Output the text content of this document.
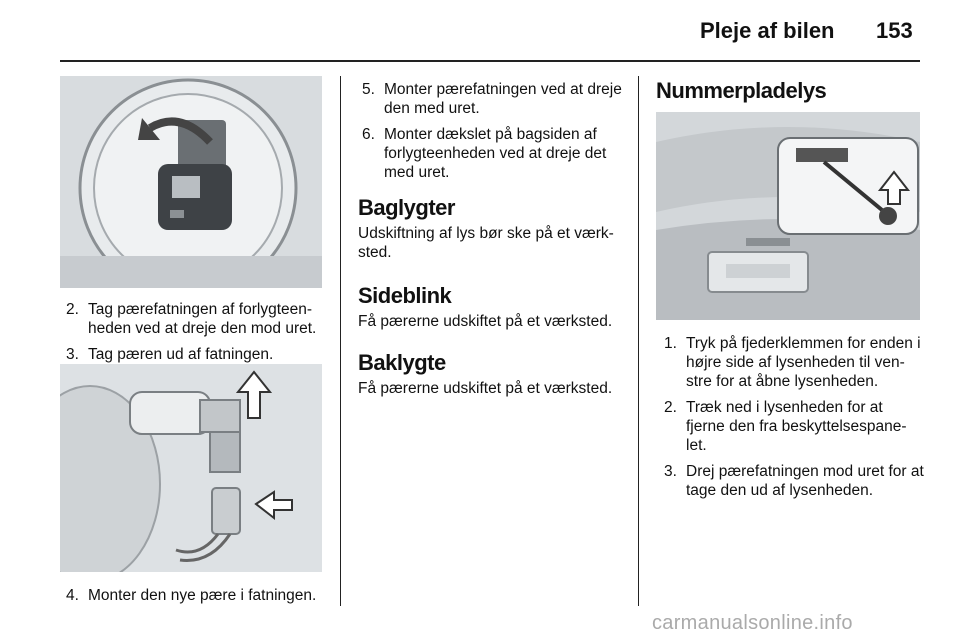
Pleje af bilen 153
2. Tag pærefatningen af forlygteen-heden ved at dreje den mod uret.
3. Tag pæren ud af fatningen.
4. Monter den nye pære i fatningen.
5. Monter pærefatningen ved at dreje den med uret.
6. Monter dækslet på bagsiden af forlygteenheden ved at dreje det med uret.
Baglygter

Udskiftning af lys bør ske på et værk-sted.

Sideblink

Få pærerne udskiftet på et værksted.

Baklygte

Få pærerne udskiftet på et værksted.

Nummerpladelys
1. Tryk på fjederklemmen for enden i højre side af lysenheden til ven-stre for at åbne lysenheden.
2. Træk ned i lysenheden for at fjerne den fra beskyttelsespane-let.
3. Drej pærefatningen mod uret for at tage den ud af lysenheden.
carmanualsonline.info
